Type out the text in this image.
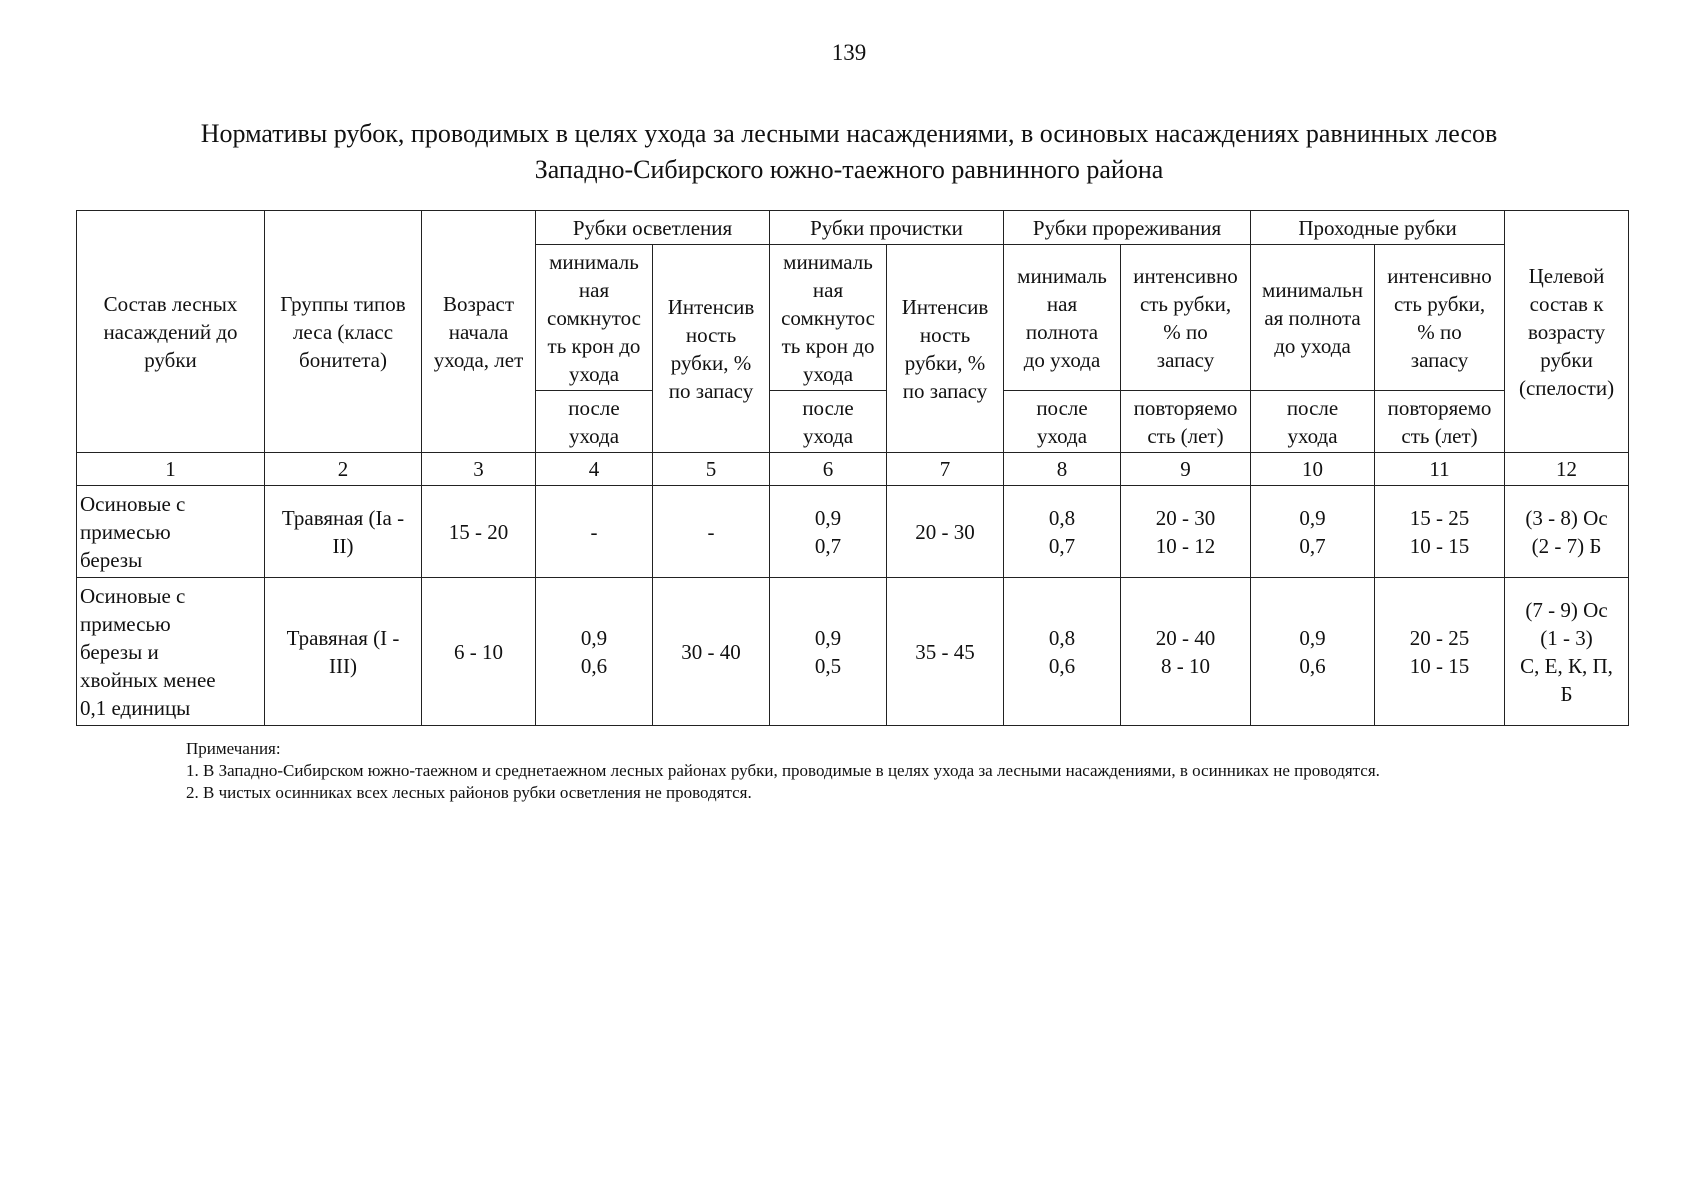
139
Нормативы рубок, проводимых в целях ухода за лесными насаждениями, в осиновых насаждениях равнинных лесов
Западно-Сибирского южно-таежного равнинного района
Состав лесных насаждений до рубки	Группы типов леса (класс бонитета)	Возраст начала ухода, лет	Рубки осветления		Рубки прочистки		Рубки прореживания		Проходные рубки		Целевой состав к возрасту рубки (спелости)
			минималь
ная
сомкнутос
ть крон до
ухода	Интенсив
ность
рубки, %
по запасу	минималь
ная
сомкнутос
ть крон до
ухода	Интенсив
ность
рубки, %
по запасу	минималь
ная
полнота
до ухода	интенсивно
сть рубки,
% по
запасу	минимальн
ая полнота
до ухода	интенсивно
сть рубки,
% по
запасу	
			после
ухода		после
ухода		после
ухода	повторяемо
сть (лет)	после
ухода	повторяемо
сть (лет)	
1	2	3	4	5	6	7	8	9	10	11	12
Осиновые с
примесью
березы	Травяная (Iа -
II)	15 - 20	-	-	0,9
0,7	20 - 30	0,8
0,7	20 - 30
10 - 12	0,9
0,7	15 - 25
10 - 15	(3 - 8) Ос
(2 - 7) Б
Осиновые с
примесью
березы и
хвойных менее
0,1 единицы	Травяная (I -
III)	6 - 10	0,9
0,6	30 - 40	0,9
0,5	35 - 45	0,8
0,6	20 - 40
8 - 10	0,9
0,6	20 - 25
10 - 15	(7 - 9) Ос
(1 - 3)
С, Е, К, П,
Б

Примечания:

1. В Западно-Сибирском южно-таежном и среднетаежном лесных районах рубки, проводимые в целях ухода за лесными насаждениями, в осинниках не проводятся.

2. В чистых осинниках всех лесных районов рубки осветления не проводятся.
